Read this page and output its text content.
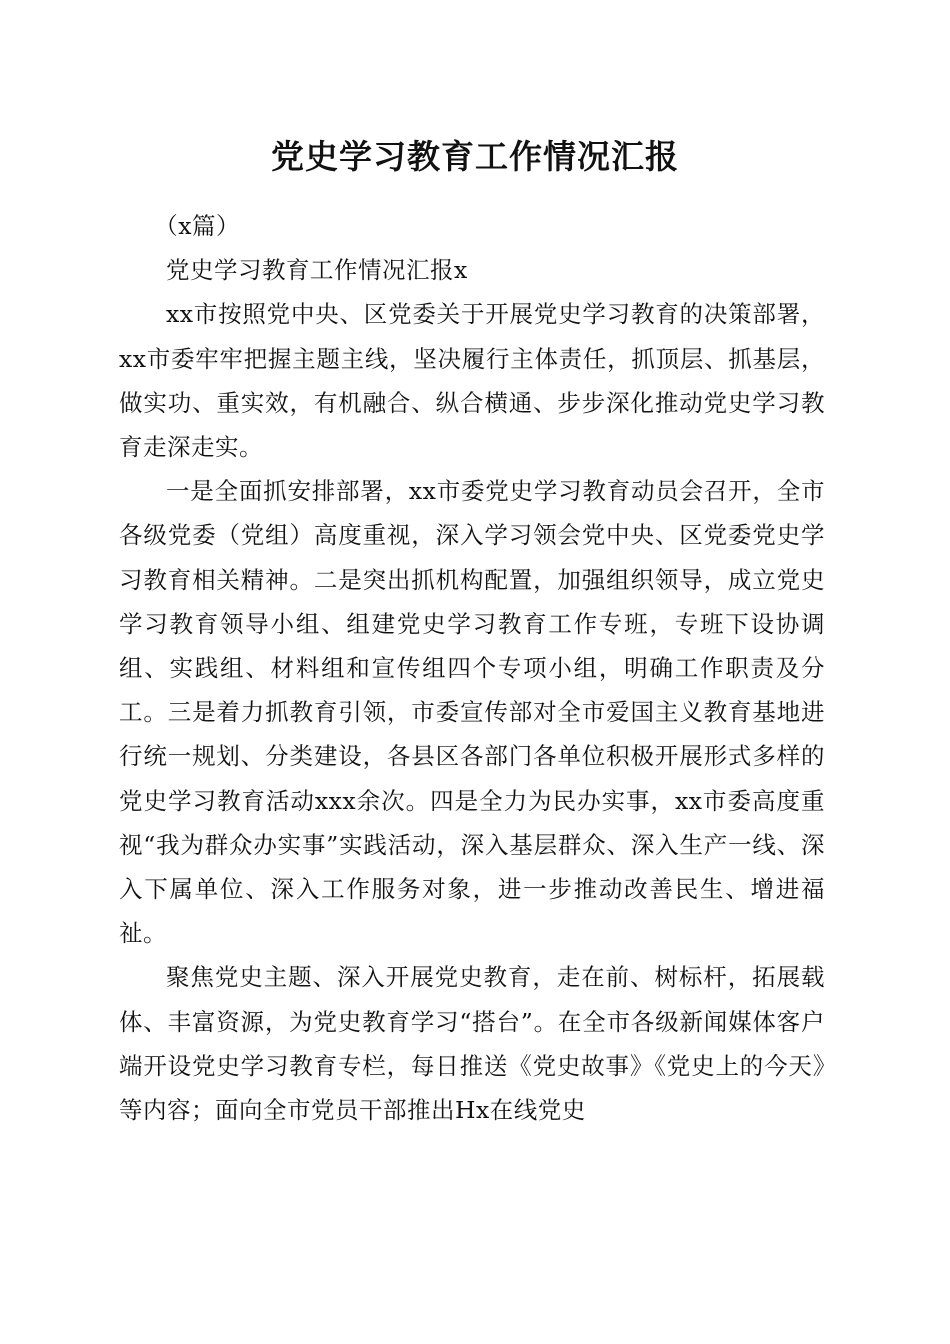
党史学习教育工作情况汇报

（x篇）

党史学习教育工作情况汇报x

xx市按照党中央、区党委关于开展党史学习教育的决策部署，xx市委牢牢把握主题主线，坚决履行主体责任，抓顶层、抓基层，做实功、重实效，有机融合、纵合横通、步步深化推动党史学习教育走深走实。

一是全面抓安排部署，xx市委党史学习教育动员会召开，全市各级党委（党组）高度重视，深入学习领会党中央、区党委党史学习教育相关精神。二是突出抓机构配置，加强组织领导，成立党史学习教育领导小组、组建党史学习教育工作专班，专班下设协调组、实践组、材料组和宣传组四个专项小组，明确工作职责及分工。三是着力抓教育引领，市委宣传部对全市爱国主义教育基地进行统一规划、分类建设，各县区各部门各单位积极开展形式多样的党史学习教育活动xxx余次。四是全力为民办实事，xx市委高度重视“我为群众办实事”实践活动，深入基层群众、深入生产一线、深入下属单位、深入工作服务对象，进一步推动改善民生、增进福祉。

聚焦党史主题、深入开展党史教育，走在前、树标杆，拓展载体、丰富资源，为党史教育学习“搭台”。在全市各级新闻媒体客户端开设党史学习教育专栏，每日推送《党史故事》《党史上的今天》等内容；面向全市党员干部推出Hx在线党史
